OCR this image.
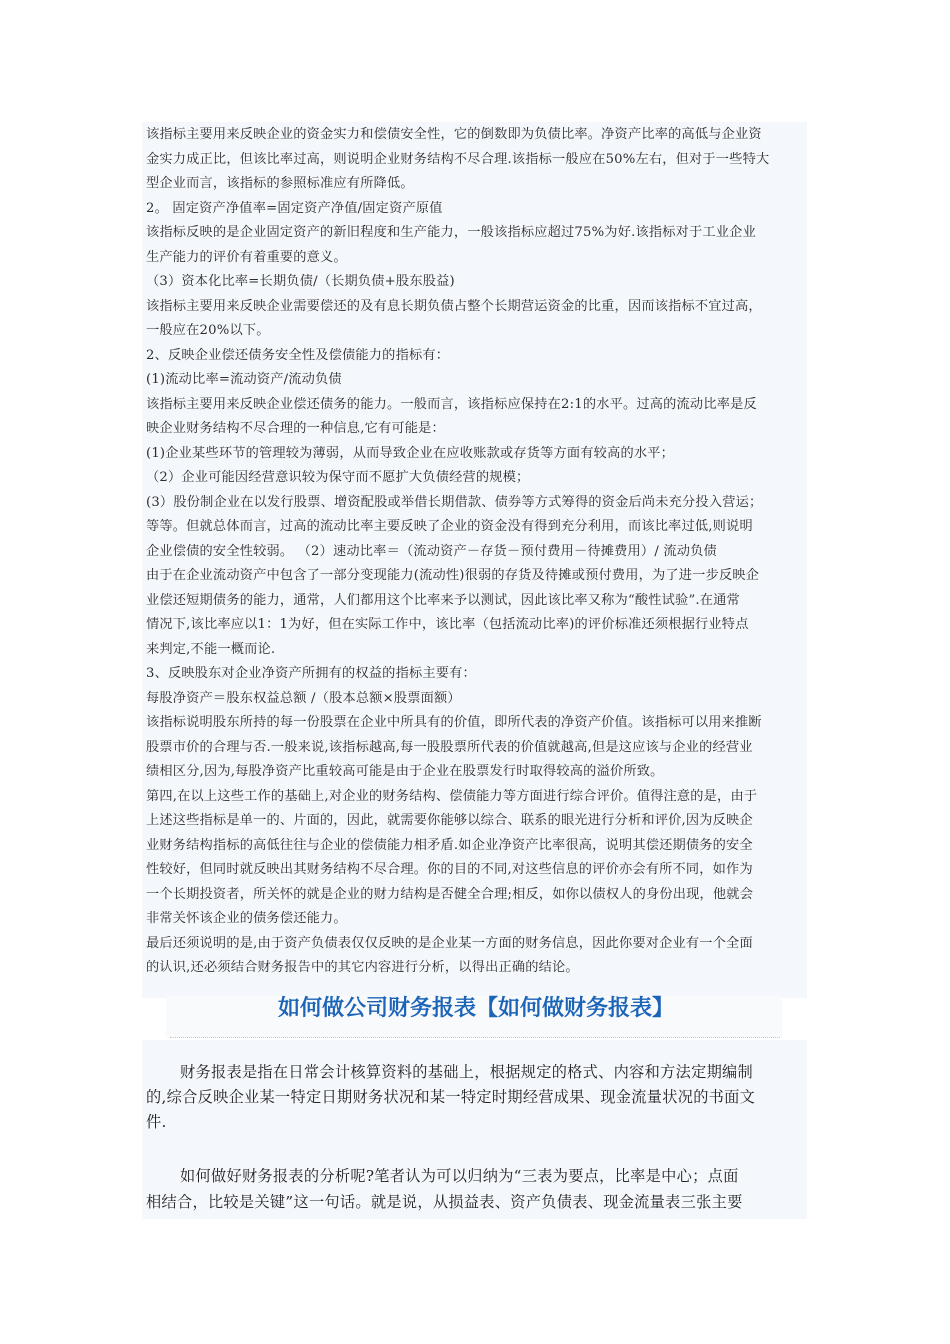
该指标主要用来反映企业的资金实力和偿债安全性，它的倒数即为负债比率。净资产比率的高低与企业资
金实力成正比，但该比率过高，则说明企业财务结构不尽合理.该指标一般应在50%左右，但对于一些特大
型企业而言，该指标的参照标准应有所降低。
2。 固定资产净值率=固定资产净值/固定资产原值
该指标反映的是企业固定资产的新旧程度和生产能力，一般该指标应超过75%为好.该指标对于工业企业
生产能力的评价有着重要的意义。
（3）资本化比率=长期负债/（长期负债+股东股益)
该指标主要用来反映企业需要偿还的及有息长期负债占整个长期营运资金的比重，因而该指标不宜过高，
一般应在20%以下。
2、反映企业偿还债务安全性及偿债能力的指标有：
(1)流动比率=流动资产/流动负债
该指标主要用来反映企业偿还债务的能力。一般而言，该指标应保持在2:1的水平。过高的流动比率是反
映企业财务结构不尽合理的一种信息,它有可能是：
(1)企业某些环节的管理较为薄弱，从而导致企业在应收账款或存货等方面有较高的水平；
（2）企业可能因经营意识较为保守而不愿扩大负债经营的规模；
(3）股份制企业在以发行股票、增资配股或举借长期借款、债券等方式筹得的资金后尚未充分投入营运；
等等。但就总体而言，过高的流动比率主要反映了企业的资金没有得到充分利用，而该比率过低,则说明
企业偿债的安全性较弱。 （2）速动比率＝（流动资产－存货－预付费用－待摊费用）/ 流动负债
由于在企业流动资产中包含了一部分变现能力(流动性)很弱的存货及待摊或预付费用，为了进一步反映企
业偿还短期债务的能力，通常，人们都用这个比率来予以测试，因此该比率又称为“酸性试验”.在通常
情况下,该比率应以1：1为好，但在实际工作中，该比率（包括流动比率)的评价标准还须根据行业特点
来判定,不能一概而论.
3、反映股东对企业净资产所拥有的权益的指标主要有：
每股净资产＝股东权益总额 /（股本总额×股票面额）
该指标说明股东所持的每一份股票在企业中所具有的价值，即所代表的净资产价值。该指标可以用来推断
股票市价的合理与否.一般来说,该指标越高,每一股股票所代表的价值就越高,但是这应该与企业的经营业
绩相区分,因为,每股净资产比重较高可能是由于企业在股票发行时取得较高的溢价所致。
第四,在以上这些工作的基础上,对企业的财务结构、偿债能力等方面进行综合评价。值得注意的是，由于
上述这些指标是单一的、片面的，因此，就需要你能够以综合、联系的眼光进行分析和评价,因为反映企
业财务结构指标的高低往往与企业的偿债能力相矛盾.如企业净资产比率很高，说明其偿还期债务的安全
性较好，但同时就反映出其财务结构不尽合理。你的目的不同,对这些信息的评价亦会有所不同，如作为
一个长期投资者，所关怀的就是企业的财力结构是否健全合理;相反，如你以债权人的身份出现，他就会
非常关怀该企业的债务偿还能力。
最后还须说明的是,由于资产负债表仅仅反映的是企业某一方面的财务信息，因此你要对企业有一个全面
的认识,还必须结合财务报告中的其它内容进行分析，以得出正确的结论。
如何做公司财务报表【如何做财务报表】
财务报表是指在日常会计核算资料的基础上，根据规定的格式、内容和方法定期编制
的,综合反映企业某一特定日期财务状况和某一特定时期经营成果、现金流量状况的书面文
件.
如何做好财务报表的分析呢?笔者认为可以归纳为“三表为要点，比率是中心；点面
相结合，比较是关键”这一句话。就是说，从损益表、资产负债表、现金流量表三张主要
